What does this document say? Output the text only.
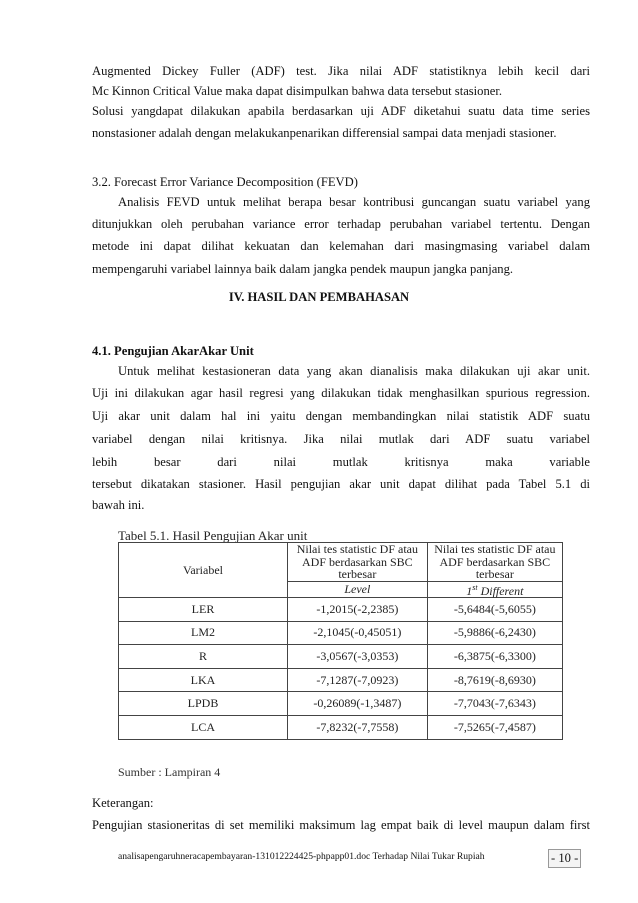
Augmented Dickey Fuller (ADF) test. Jika nilai ADF statistiknya lebih kecil dari
Mc Kinnon Critical Value maka dapat disimpulkan bahwa data tersebut stasioner.
Solusi yangdapat dilakukan apabila berdasarkan uji ADF diketahui suatu data time series
nonstasioner adalah dengan melakukanpenarikan differensial sampai data menjadi stasioner.
3.2. Forecast Error Variance Decomposition (FEVD)
Analisis FEVD untuk melihat berapa besar kontribusi guncangan suatu variabel yang
ditunjukkan oleh perubahan variance error terhadap perubahan variabel tertentu. Dengan
metode ini dapat dilihat kekuatan dan kelemahan dari masingmasing variabel dalam
mempengaruhi variabel lainnya baik dalam jangka pendek maupun jangka panjang.
IV. HASIL DAN PEMBAHASAN
4.1. Pengujian AkarAkar Unit
Untuk melihat kestasioneran data yang akan dianalisis maka dilakukan uji akar unit.
Uji ini dilakukan agar hasil regresi yang dilakukan tidak menghasilkan spurious regression.
Uji akar unit dalam hal ini yaitu dengan membandingkan nilai statistik ADF suatu
variabel dengan nilai kritisnya. Jika nilai mutlak dari ADF suatu variabel
lebih besar dari nilai mutlak kritisnya maka variable
tersebut dikatakan stasioner. Hasil pengujian akar unit dapat dilihat pada Tabel 5.1 di
bawah ini.
Tabel 5.1. Hasil Pengujian Akar unit
Variabel	Nilai tes statistic DF atau ADF berdasarkan SBC terbesar	Nilai tes statistic DF atau ADF berdasarkan SBC terbesar
	Level	1st Different
LER	-1,2015(-2,2385)	-5,6484(-5,6055)
LM2	-2,1045(-0,45051)	-5,9886(-6,2430)
R	-3,0567(-3,0353)	-6,3875(-6,3300)
LKA	-7,1287(-7,0923)	-8,7619(-8,6930)
LPDB	-0,26089(-1,3487)	-7,7043(-7,6343)
LCA	-7,8232(-7,7558)	-7,5265(-7,4587)
Sumber : Lampiran 4
Keterangan:
Pengujian stasioneritas di set memiliki maksimum lag empat baik di level maupun dalam first
analisapengaruhneracapembayaran-131012224425-phpapp01.doc Terhadap Nilai Tukar Rupiah	- 10 -
